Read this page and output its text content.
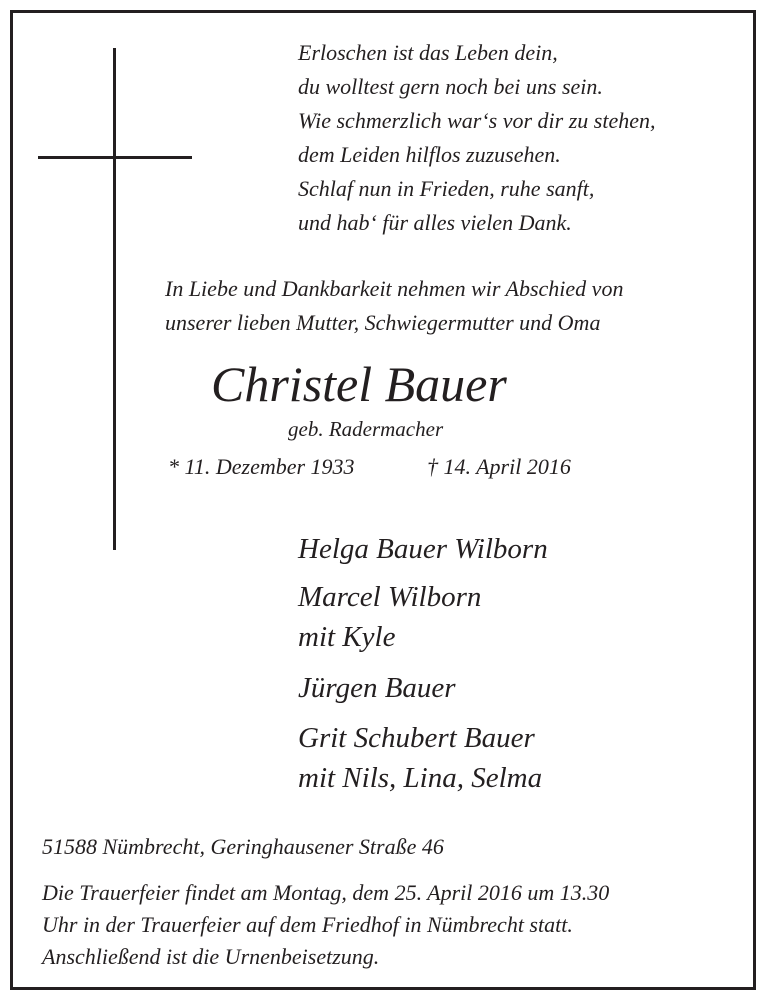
Erloschen ist das Leben dein,
du wolltest gern noch bei uns sein.
Wie schmerzlich war‘s vor dir zu stehen,
dem Leiden hilflos zuzusehen.
Schlaf nun in Frieden, ruhe sanft,
und hab‘ für alles vielen Dank.
In Liebe und Dankbarkeit nehmen wir Abschied von
unserer lieben Mutter, Schwiegermutter und Oma
Christel Bauer
geb. Radermacher
* 11. Dezember 1933	† 14. April 2016
Helga Bauer Wilborn
Marcel Wilborn
mit Kyle
Jürgen Bauer
Grit Schubert Bauer
mit Nils, Lina, Selma
51588 Nümbrecht, Geringhausener Straße 46
Die Trauerfeier findet am Montag, dem 25. April 2016 um 13.30
Uhr in der Trauerfeier auf dem Friedhof in Nümbrecht statt.
Anschließend ist die Urnenbeisetzung.
